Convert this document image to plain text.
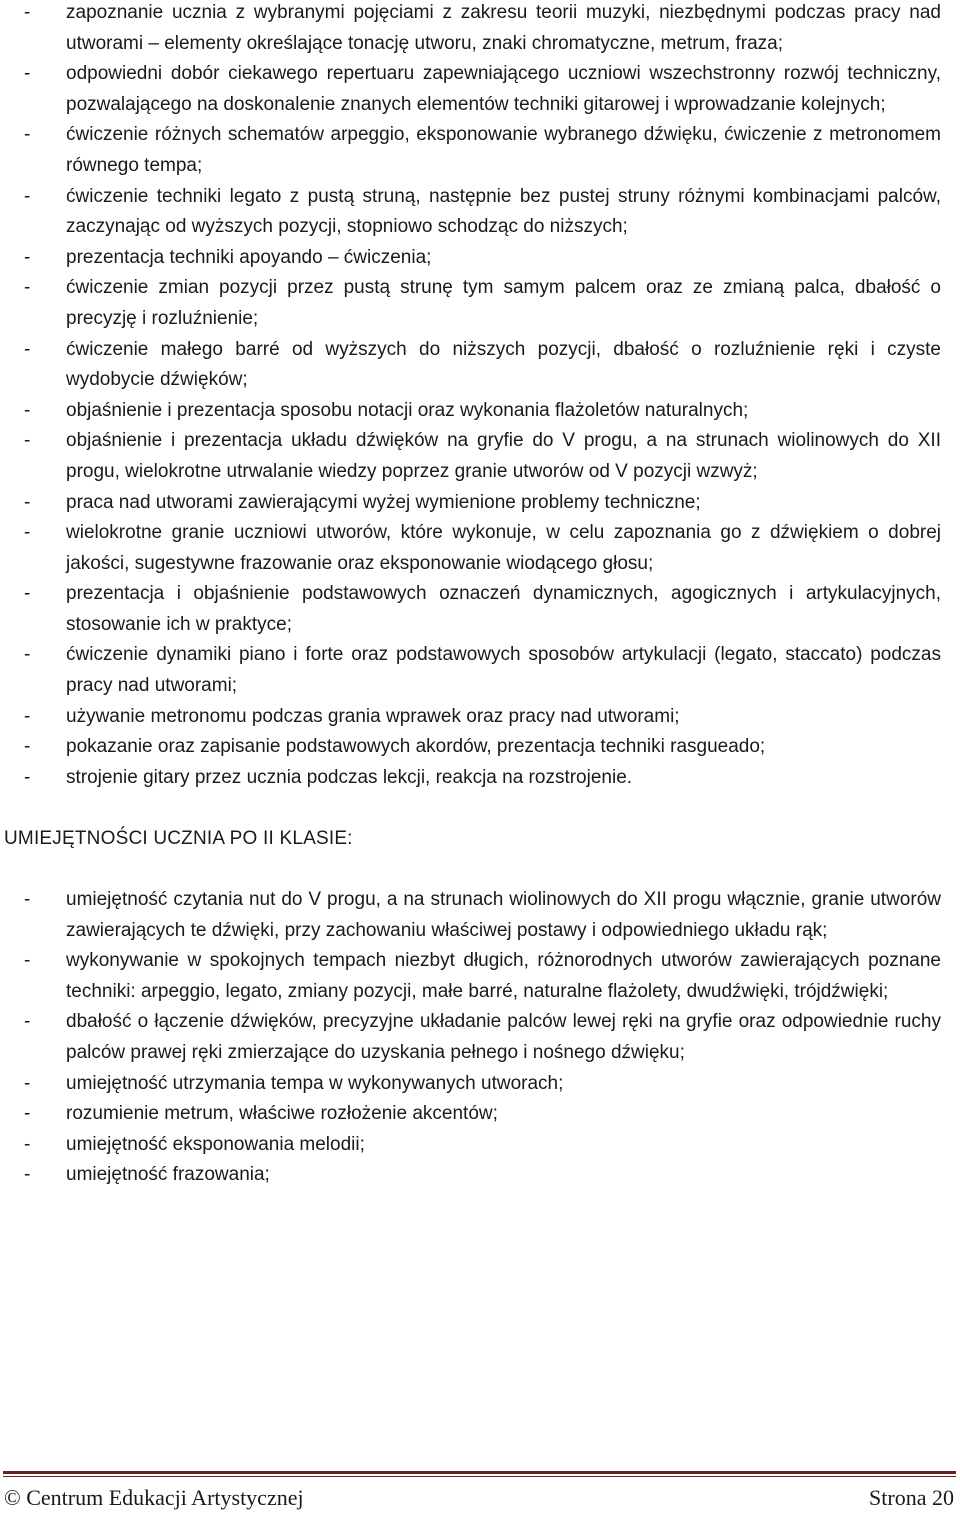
- zapoznanie ucznia z wybranymi pojęciami z zakresu teorii muzyki, niezbędnymi podczas pracy nad utworami – elementy określające tonację utworu, znaki chromatyczne, metrum, fraza;
- odpowiedni dobór ciekawego repertuaru zapewniającego uczniowi wszechstronny rozwój techniczny, pozwalającego na doskonalenie znanych elementów techniki gitarowej i wprowadzanie kolejnych;
- ćwiczenie różnych schematów arpeggio, eksponowanie wybranego dźwięku, ćwiczenie z metronomem równego tempa;
- ćwiczenie techniki legato z pustą struną, następnie bez pustej struny różnymi kombinacjami palców, zaczynając od wyższych pozycji, stopniowo schodząc do niższych;
- prezentacja techniki apoyando – ćwiczenia;
- ćwiczenie zmian pozycji przez pustą strunę tym samym palcem oraz ze zmianą palca, dbałość o precyzję i rozluźnienie;
- ćwiczenie małego barré od wyższych do niższych pozycji, dbałość o rozluźnienie ręki i czyste wydobycie dźwięków;
- objaśnienie i prezentacja sposobu notacji oraz wykonania flażoletów naturalnych;
- objaśnienie i prezentacja układu dźwięków na gryfie do V progu, a na strunach wiolinowych do XII progu, wielokrotne utrwalanie wiedzy poprzez granie utworów od V pozycji wzwyż;
- praca nad utworami zawierającymi wyżej wymienione problemy techniczne;
- wielokrotne granie uczniowi utworów, które wykonuje, w celu zapoznania go z dźwiękiem o dobrej jakości, sugestywne frazowanie oraz eksponowanie wiodącego głosu;
- prezentacja i objaśnienie podstawowych oznaczeń dynamicznych, agogicznych i artykulacyjnych, stosowanie ich w praktyce;
- ćwiczenie dynamiki piano i forte oraz podstawowych sposobów artykulacji (legato, staccato) podczas pracy nad utworami;
- używanie metronomu podczas grania wprawek oraz pracy nad utworami;
- pokazanie oraz zapisanie podstawowych akordów, prezentacja techniki rasgueado;
- strojenie gitary przez ucznia podczas lekcji, reakcja na rozstrojenie.
UMIEJĘTNOŚCI UCZNIA PO II KLASIE:
- umiejętność czytania nut do V progu, a na strunach wiolinowych do XII progu włącznie, granie utworów zawierających te dźwięki, przy zachowaniu właściwej postawy i odpowiedniego układu rąk;
- wykonywanie w spokojnych tempach niezbyt długich, różnorodnych utworów zawierających poznane techniki: arpeggio, legato, zmiany pozycji, małe barré, naturalne flażolety, dwudźwięki, trójdźwięki;
- dbałość o łączenie dźwięków, precyzyjne układanie palców lewej ręki na gryfie oraz odpowiednie ruchy palców prawej ręki zmierzające do uzyskania pełnego i nośnego dźwięku;
- umiejętność utrzymania tempa w wykonywanych utworach;
- rozumienie metrum, właściwe rozłożenie akcentów;
- umiejętność eksponowania melodii;
- umiejętność frazowania;
© Centrum Edukacji Artystycznej	Strona 20
